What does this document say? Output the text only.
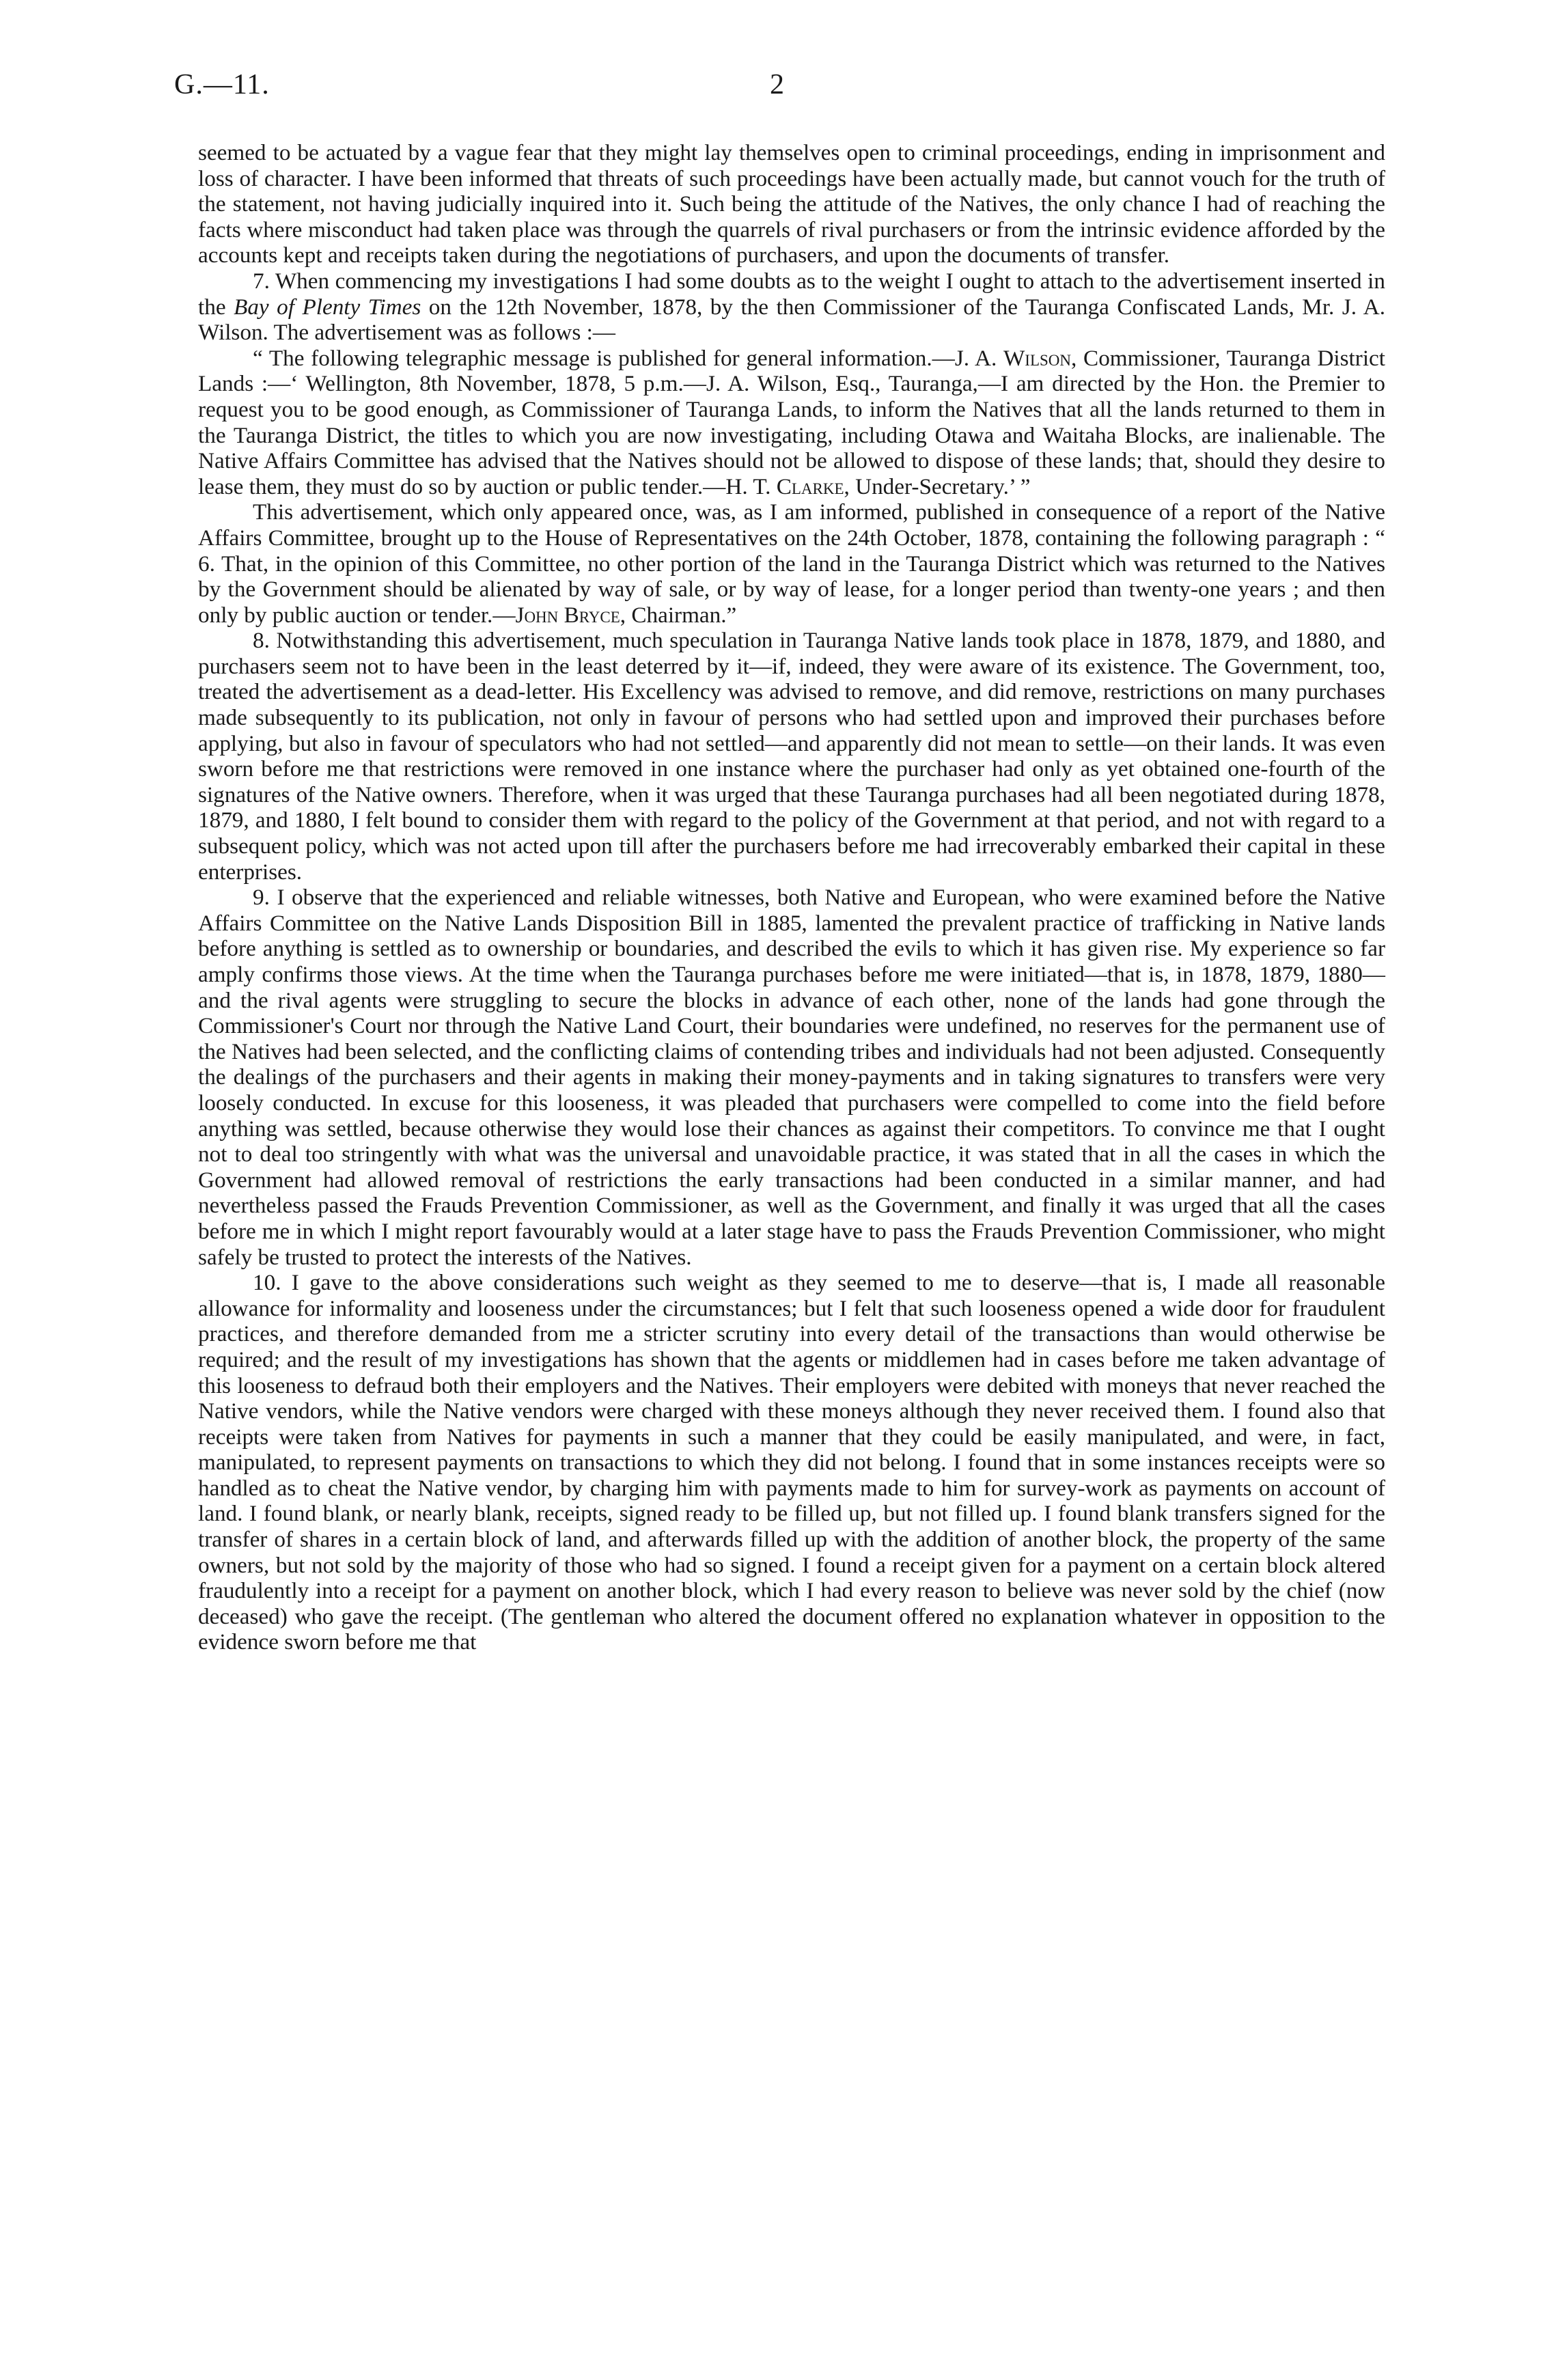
G.—11.	2

seemed to be actuated by a vague fear that they might lay themselves open to criminal proceedings, ending in imprisonment and loss of character. I have been informed that threats of such proceedings have been actually made, but cannot vouch for the truth of the statement, not having judicially inquired into it. Such being the attitude of the Natives, the only chance I had of reaching the facts where misconduct had taken place was through the quarrels of rival purchasers or from the intrinsic evidence afforded by the accounts kept and receipts taken during the negotiations of purchasers, and upon the documents of transfer.

7. When commencing my investigations I had some doubts as to the weight I ought to attach to the advertisement inserted in the Bay of Plenty Times on the 12th November, 1878, by the then Commissioner of the Tauranga Confiscated Lands, Mr. J. A. Wilson. The advertisement was as follows :—

“ The following telegraphic message is published for general information.—J. A. Wilson, Commissioner, Tauranga District Lands :—‘ Wellington, 8th November, 1878, 5 p.m.—J. A. Wilson, Esq., Tauranga,—I am directed by the Hon. the Premier to request you to be good enough, as Commissioner of Tauranga Lands, to inform the Natives that all the lands returned to them in the Tauranga District, the titles to which you are now investigating, including Otawa and Waitaha Blocks, are inalienable. The Native Affairs Committee has advised that the Natives should not be allowed to dispose of these lands; that, should they desire to lease them, they must do so by auction or public tender.—H. T. Clarke, Under-Secretary.’ ”

This advertisement, which only appeared once, was, as I am informed, published in consequence of a report of the Native Affairs Committee, brought up to the House of Representatives on the 24th October, 1878, containing the following paragraph : “ 6. That, in the opinion of this Committee, no other portion of the land in the Tauranga District which was returned to the Natives by the Government should be alienated by way of sale, or by way of lease, for a longer period than twenty-one years ; and then only by public auction or tender.—John Bryce, Chairman.”

8. Notwithstanding this advertisement, much speculation in Tauranga Native lands took place in 1878, 1879, and 1880, and purchasers seem not to have been in the least deterred by it—if, indeed, they were aware of its existence. The Government, too, treated the advertisement as a dead-letter. His Excellency was advised to remove, and did remove, restrictions on many purchases made subsequently to its publication, not only in favour of persons who had settled upon and improved their purchases before applying, but also in favour of speculators who had not settled—and apparently did not mean to settle—on their lands. It was even sworn before me that restrictions were removed in one instance where the purchaser had only as yet obtained one-fourth of the signatures of the Native owners. Therefore, when it was urged that these Tauranga purchases had all been negotiated during 1878, 1879, and 1880, I felt bound to consider them with regard to the policy of the Government at that period, and not with regard to a subsequent policy, which was not acted upon till after the purchasers before me had irrecoverably embarked their capital in these enterprises.

9. I observe that the experienced and reliable witnesses, both Native and European, who were examined before the Native Affairs Committee on the Native Lands Disposition Bill in 1885, lamented the prevalent practice of trafficking in Native lands before anything is settled as to ownership or boundaries, and described the evils to which it has given rise. My experience so far amply confirms those views. At the time when the Tauranga purchases before me were initiated—that is, in 1878, 1879, 1880—and the rival agents were struggling to secure the blocks in advance of each other, none of the lands had gone through the Commissioner's Court nor through the Native Land Court, their boundaries were undefined, no reserves for the permanent use of the Natives had been selected, and the conflicting claims of contending tribes and individuals had not been adjusted. Consequently the dealings of the purchasers and their agents in making their money-payments and in taking signatures to transfers were very loosely conducted. In excuse for this looseness, it was pleaded that purchasers were compelled to come into the field before anything was settled, because otherwise they would lose their chances as against their competitors. To convince me that I ought not to deal too stringently with what was the universal and unavoidable practice, it was stated that in all the cases in which the Government had allowed removal of restrictions the early transactions had been conducted in a similar manner, and had nevertheless passed the Frauds Prevention Commissioner, as well as the Government, and finally it was urged that all the cases before me in which I might report favourably would at a later stage have to pass the Frauds Prevention Commissioner, who might safely be trusted to protect the interests of the Natives.

10. I gave to the above considerations such weight as they seemed to me to deserve—that is, I made all reasonable allowance for informality and looseness under the circumstances; but I felt that such looseness opened a wide door for fraudulent practices, and therefore demanded from me a stricter scrutiny into every detail of the transactions than would otherwise be required; and the result of my investigations has shown that the agents or middlemen had in cases before me taken advantage of this looseness to defraud both their employers and the Natives. Their employers were debited with moneys that never reached the Native vendors, while the Native vendors were charged with these moneys although they never received them. I found also that receipts were taken from Natives for payments in such a manner that they could be easily manipulated, and were, in fact, manipulated, to represent payments on transactions to which they did not belong. I found that in some instances receipts were so handled as to cheat the Native vendor, by charging him with payments made to him for survey-work as payments on account of land. I found blank, or nearly blank, receipts, signed ready to be filled up, but not filled up. I found blank transfers signed for the transfer of shares in a certain block of land, and afterwards filled up with the addition of another block, the property of the same owners, but not sold by the majority of those who had so signed. I found a receipt given for a payment on a certain block altered fraudulently into a receipt for a payment on another block, which I had every reason to believe was never sold by the chief (now deceased) who gave the receipt. (The gentleman who altered the document offered no explanation whatever in opposition to the evidence sworn before me that
